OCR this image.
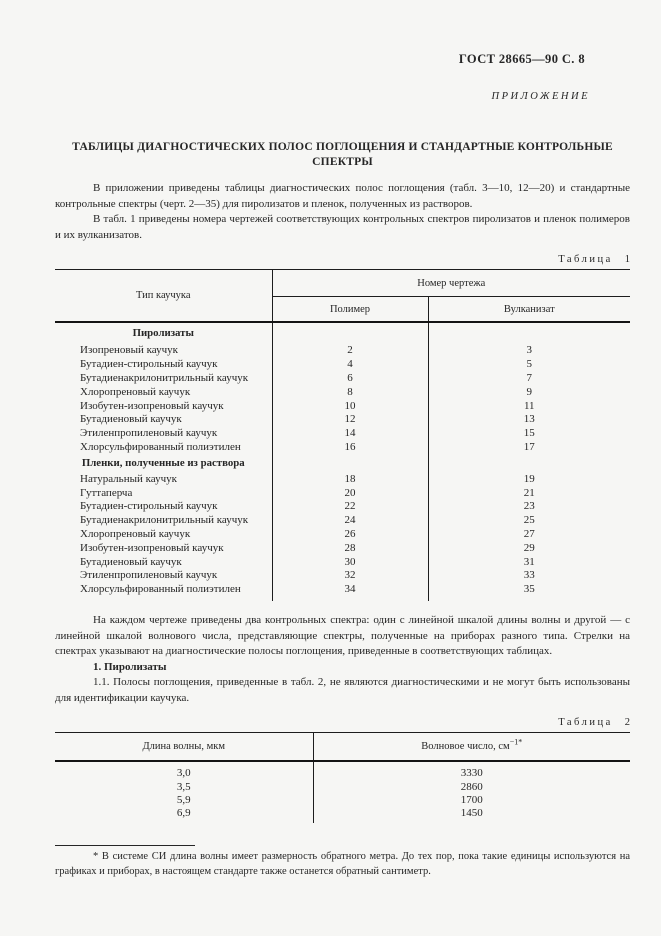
ГОСТ 28665—90 С. 8
ПРИЛОЖЕНИЕ
ТАБЛИЦЫ ДИАГНОСТИЧЕСКИХ ПОЛОС ПОГЛОЩЕНИЯ И СТАНДАРТНЫЕ КОНТРОЛЬНЫЕ СПЕКТРЫ

В приложении приведены таблицы диагностических полос поглощения (табл. 3—10, 12—20) и стандартные контрольные спектры (черт. 2—35) для пиролизатов и пленок, полученных из растворов.

В табл. 1 приведены номера чертежей соответствующих контрольных спектров пиролизатов и пленок полимеров и их вулканизатов.

Таблица 1
Тип каучука	Номер чертежа	
	Полимер	Вулканизат
Пиролизаты		
Изопреновый каучук	2	3
Бутадиен-стирольный каучук	4	5
Бутадиенакрилонитрильный каучук	6	7
Хлоропреновый каучук	8	9
Изобутен-изопреновый каучук	10	11
Бутадиеновый каучук	12	13
Этиленпропиленовый каучук	14	15
Хлорсульфированный полиэтилен	16	17
Пленки, полученные из раствора		
Натуральный каучук	18	19
Гуттаперча	20	21
Бутадиен-стирольный каучук	22	23
Бутадиенакрилонитрильный каучук	24	25
Хлоропреновый каучук	26	27
Изобутен-изопреновый каучук	28	29
Бутадиеновый каучук	30	31
Этиленпропиленовый каучук	32	33
Хлорсульфированный полиэтилен	34	35

На каждом чертеже приведены два контрольных спектра: один с линейной шкалой длины волны и другой — с линейной шкалой волнового числа, представляющие спектры, полученные на приборах разного типа. Стрелки на спектрах указывают на диагностические полосы поглощения, приведенные в соответствующих таблицах.

1. Пиролизаты

1.1. Полосы поглощения, приведенные в табл. 2, не являются диагностическими и не могут быть использованы для идентификации каучука.

Таблица 2
Длина волны, мкм	Волновое число, $см^{-1*}$
3,0	3330
3,5	2860
5,9	1700
6,9	1450

* В системе СИ длина волны имеет размерность обратного метра. До тех пор, пока такие единицы используются на графиках и приборах, в настоящем стандарте также останется обратный сантиметр.
